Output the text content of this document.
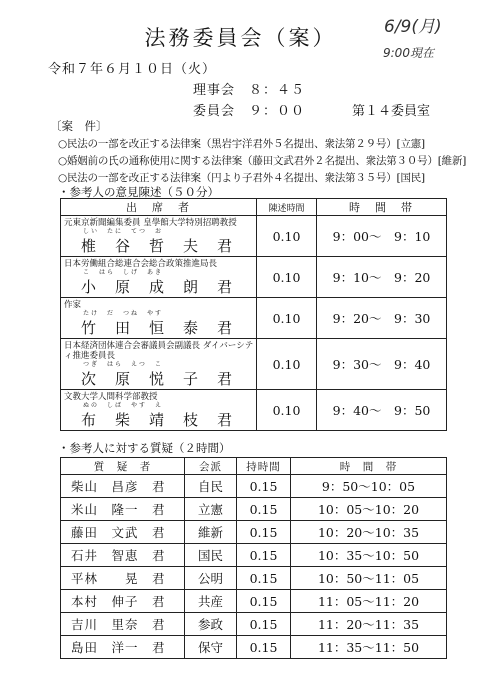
法務委員会（案）	6/9(月)
9:00現在
令和７年６月１０日（火）
理事会　８：４５
委員会　９：００	第１４委員室
〔案　件〕
○民法の一部を改正する法律案（黒岩宇洋君外５名提出、衆法第２９号）[立憲]
○婚姻前の氏の通称使用に関する法律案（藤田文武君外２名提出、衆法第３０号）[維新]
○民法の一部を改正する法律案（円より子君外４名提出、衆法第３５号）[国民]
・参考人の意見陳述（５０分）
出　席　者	陳述時間	時　間　帯

元東京新聞編集委員 皇學館大学特別招聘教授
しい　たに　てつ　お
椎　谷　哲　夫　君	0.10	9：00～　9：10

日本労働組合総連合会総合政策推進局長
こ　はら　しげ　あき
小　原　成　朗　君	0.10	9：10～　9：20

作家
たけ　だ　つね　やす
竹　田　恒　泰　君	0.10	9：20～　9：30

日本経済団体連合会審議員会副議長 ダイバーシティ推進委員長
つぎ　はら　えつ　こ
次　原　悦　子　君	0.10	9：30～　9：40

文教大学人間科学部教授
ぬの　しば　やす　え
布　柴　靖　枝　君	0.10	9：40～　9：50
・参考人に対する質疑（２時間）
質　疑　者	会派	持時間	時　間　帯
柴山　昌彦　君	自民	0.15	9：50～10：05
米山　隆一　君	立憲	0.15	10：05～10：20
藤田　文武　君	維新	0.15	10：20～10：35
石井　智恵　君	国民	0.15	10：35～10：50
平林　　晃　君	公明	0.15	10：50～11：05
本村　伸子　君	共産	0.15	11：05～11：20
吉川　里奈　君	参政	0.15	11：20～11：35
島田　洋一　君	保守	0.15	11：35～11：50
